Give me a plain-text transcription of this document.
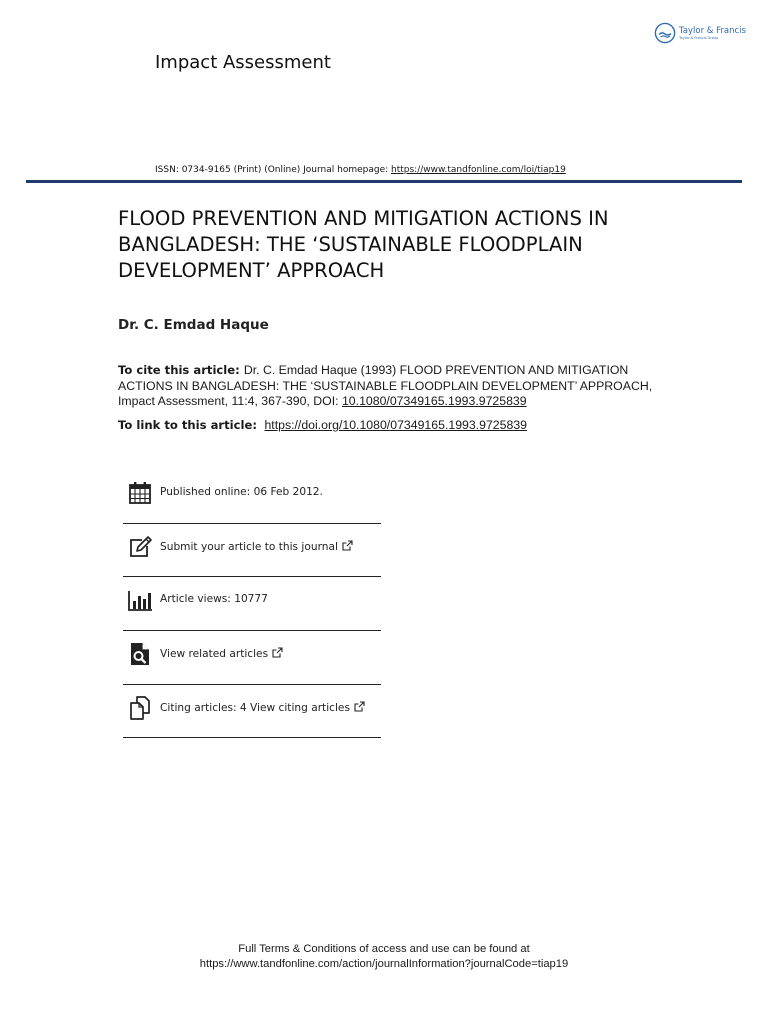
Taylor & Francis
Taylor & Francis Group
Impact Assessment
ISSN: 0734-9165 (Print) (Online) Journal homepage: https://www.tandfonline.com/loi/tiap19
FLOOD PREVENTION AND MITIGATION ACTIONS IN BANGLADESH: THE ‘SUSTAINABLE FLOODPLAIN DEVELOPMENT’ APPROACH
Dr. C. Emdad Haque
To cite this article: Dr. C. Emdad Haque (1993) FLOOD PREVENTION AND MITIGATION ACTIONS IN BANGLADESH: THE ‘SUSTAINABLE FLOODPLAIN DEVELOPMENT’ APPROACH, Impact Assessment, 11:4, 367-390, DOI: 10.1080/07349165.1993.9725839
To link to this article:  https://doi.org/10.1080/07349165.1993.9725839
Published online: 06 Feb 2012.
Submit your article to this journal
Article views: 10777
View related articles
Citing articles: 4 View citing articles
Full Terms & Conditions of access and use can be found at
https://www.tandfonline.com/action/journalInformation?journalCode=tiap19
